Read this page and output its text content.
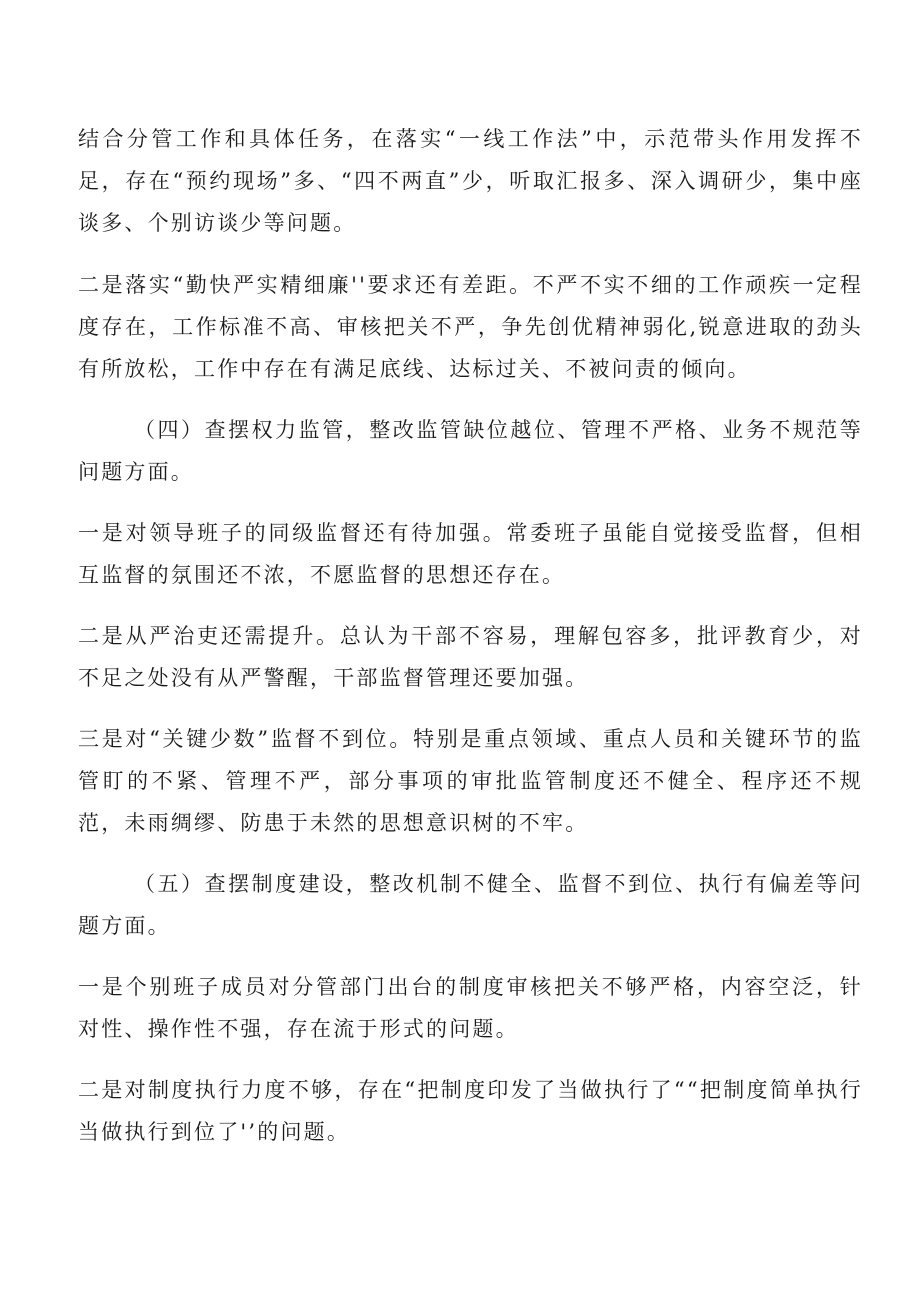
结合分管工作和具体任务，在落实“一线工作法”中，示范带头作用发挥不足，存在“预约现场”多、“四不两直”少，听取汇报多、深入调研少，集中座谈多、个别访谈少等问题。

二是落实“勤快严实精细廉''要求还有差距。不严不实不细的工作顽疾一定程度存在，工作标准不高、审核把关不严，争先创优精神弱化,锐意进取的劲头有所放松，工作中存在有满足底线、达标过关、不被问责的倾向。

（四）查摆权力监管，整改监管缺位越位、管理不严格、业务不规范等问题方面。

一是对领导班子的同级监督还有待加强。常委班子虽能自觉接受监督，但相互监督的氛围还不浓，不愿监督的思想还存在。

二是从严治吏还需提升。总认为干部不容易，理解包容多，批评教育少，对不足之处没有从严警醒，干部监督管理还要加强。

三是对“关键少数”监督不到位。特别是重点领域、重点人员和关键环节的监管盯的不紧、管理不严，部分事项的审批监管制度还不健全、程序还不规范，未雨绸缪、防患于未然的思想意识树的不牢。

（五）查摆制度建设，整改机制不健全、监督不到位、执行有偏差等问题方面。

一是个别班子成员对分管部门出台的制度审核把关不够严格，内容空泛，针对性、操作性不强，存在流于形式的问题。

二是对制度执行力度不够，存在“把制度印发了当做执行了““把制度简单执行当做执行到位了'’的问题。
